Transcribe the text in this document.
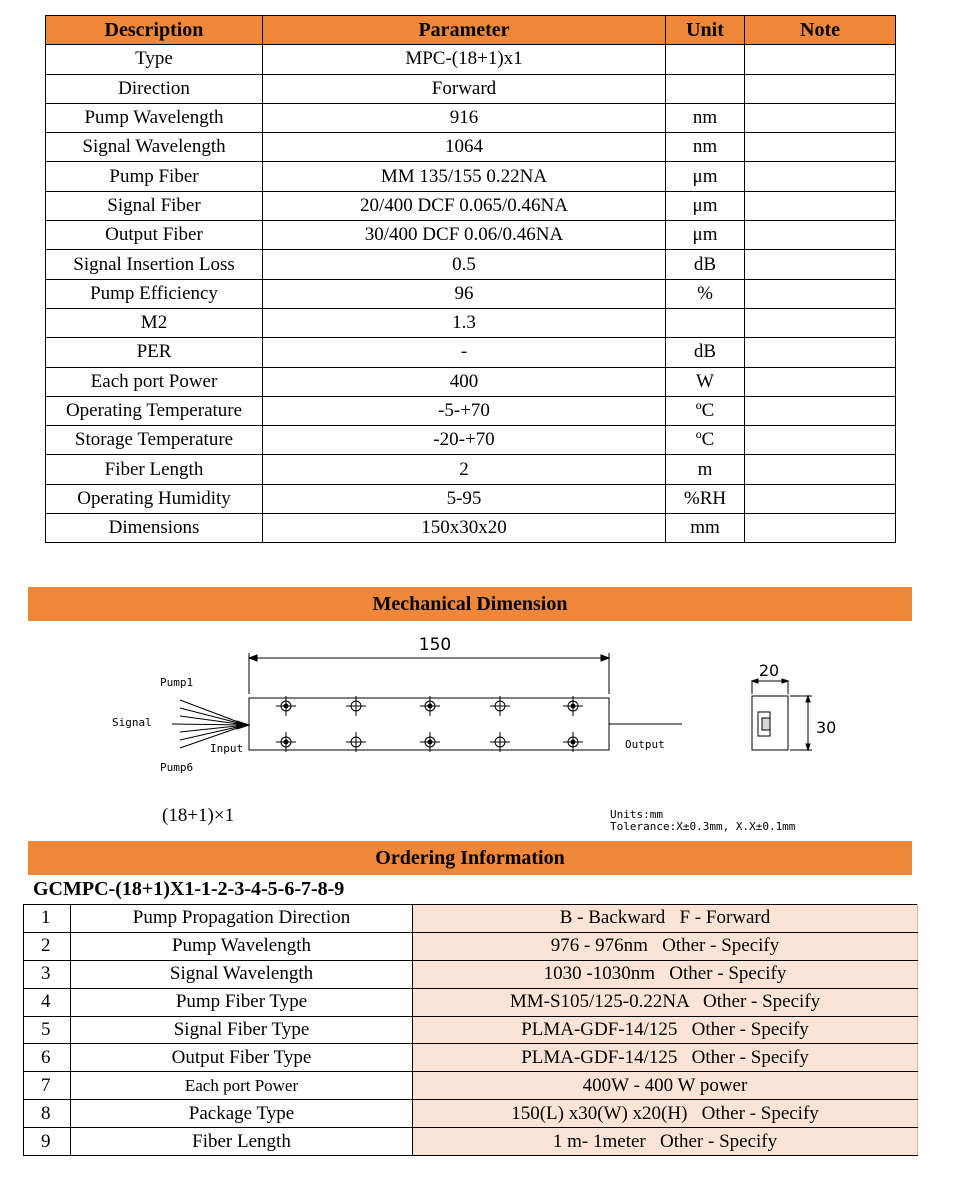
Description	Parameter	Unit	Note
Type	MPC-(18+1)x1		
Direction	Forward		
Pump Wavelength	916	nm	
Signal Wavelength	1064	nm	
Pump Fiber	MM 135/155 0.22NA	μm	
Signal Fiber	20/400 DCF 0.065/0.46NA	μm	
Output Fiber	30/400 DCF 0.06/0.46NA	μm	
Signal Insertion Loss	0.5	dB	
Pump Efficiency	96	%	
M2	1.3		
PER	-	dB	
Each port Power	400	W	
Operating Temperature	-5-+70	ºC	
Storage Temperature	-20-+70	ºC	
Fiber Length	2	m	
Operating Humidity	5-95	%RH	
Dimensions	150x30x20	mm	
Mechanical Dimension
150
20
30
Pump1
Signal
Input
Pump6
Output
(18+1)×1	Units:mm
Tolerance:X±0.3mm, X.X±0.1mm
Ordering Information
GCMPC-(18+1)X1-1-2-3-4-5-6-7-8-9
1	Pump Propagation Direction	B - Backward   F - Forward
2	Pump Wavelength	976 - 976nm   Other - Specify
3	Signal Wavelength	1030 -1030nm   Other - Specify
4	Pump Fiber Type	MM-S105/125-0.22NA   Other - Specify
5	Signal Fiber Type	PLMA-GDF-14/125   Other - Specify
6	Output Fiber Type	PLMA-GDF-14/125   Other - Specify
7	Each port Power	400W - 400 W power
8	Package Type	150(L) x30(W) x20(H)   Other - Specify
9	Fiber Length	1 m- 1meter   Other - Specify
